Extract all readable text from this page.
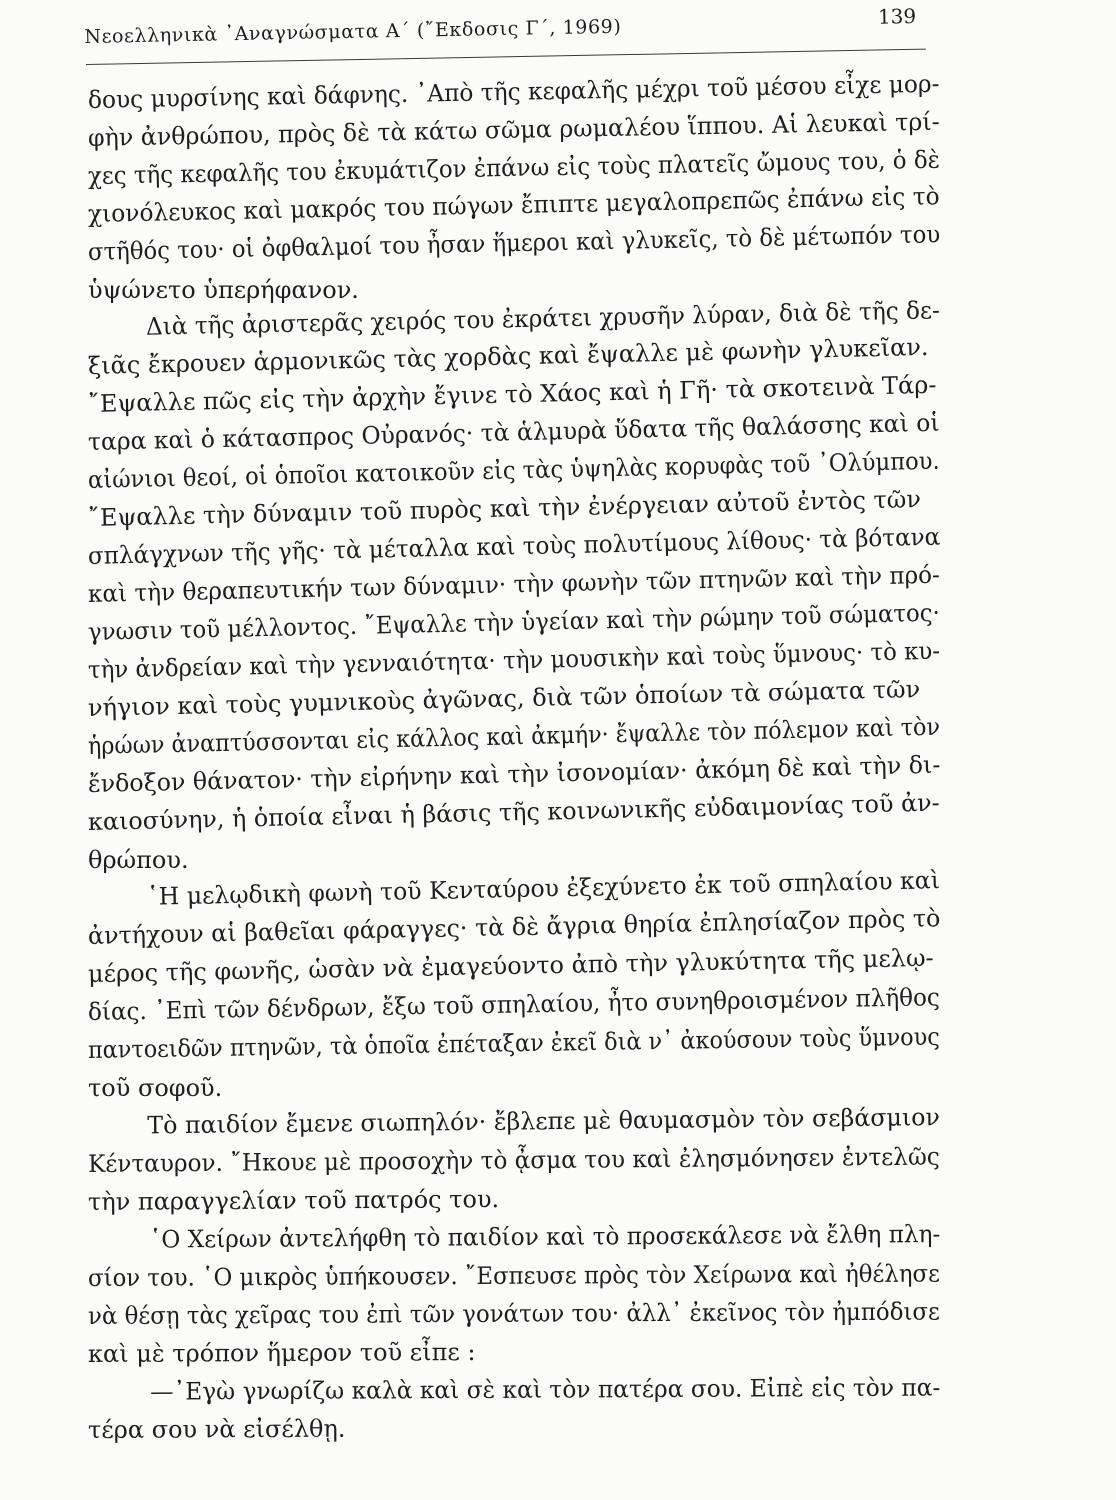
Νεοελληνικὰ ᾿Αναγνώσματα Α΄ (῎Εκδοσις Γ΄, 1969)	139
δους μυρσίνης καὶ δάφνης. ᾿Απὸ τῆς κεφαλῆς μέχρι τοῦ μέσου εἶχε μορ-
φὴν ἀνθρώπου, πρὸς δὲ τὰ κάτω σῶμα ρωμαλέου ἵππου. Αἱ λευκαὶ τρί-
χες τῆς κεφαλῆς του ἐκυμάτιζον ἐπάνω εἰς τοὺς πλατεῖς ὤμους του, ὁ δὲ
χιονόλευκος καὶ μακρός του πώγων ἔπιπτε μεγαλοπρεπῶς ἐπάνω εἰς τὸ
στῆθός του· οἱ ὀφθαλμοί του ἦσαν ἥμεροι καὶ γλυκεῖς, τὸ δὲ μέτωπόν του
ὑψώνετο ὑπερήφανον.
Διὰ τῆς ἀριστερᾶς χειρός του ἐκράτει χρυσῆν λύραν, διὰ δὲ τῆς δε-
ξιᾶς ἔκρουεν ἁρμονικῶς τὰς χορδὰς καὶ ἔψαλλε μὲ φωνὴν γλυκεῖαν.
῎Εψαλλε πῶς εἰς τὴν ἀρχὴν ἔγινε τὸ Χάος καὶ ἡ Γῆ· τὰ σκοτεινὰ Τάρ-
ταρα καὶ ὁ κάτασπρος Οὐρανός· τὰ ἁλμυρὰ ὕδατα τῆς θαλάσσης καὶ οἱ
αἰώνιοι θεοί, οἱ ὁποῖοι κατοικοῦν εἰς τὰς ὑψηλὰς κορυφὰς τοῦ ᾿Ολύμπου.
῎Εψαλλε τὴν δύναμιν τοῦ πυρὸς καὶ τὴν ἐνέργειαν αὐτοῦ ἐντὸς τῶν
σπλάγχνων τῆς γῆς· τὰ μέταλλα καὶ τοὺς πολυτίμους λίθους· τὰ βότανα
καὶ τὴν θεραπευτικήν των δύναμιν· τὴν φωνὴν τῶν πτηνῶν καὶ τὴν πρό-
γνωσιν τοῦ μέλλοντος. ῎Εψαλλε τὴν ὑγείαν καὶ τὴν ρώμην τοῦ σώματος·
τὴν ἀνδρείαν καὶ τὴν γενναιότητα· τὴν μουσικὴν καὶ τοὺς ὕμνους· τὸ κυ-
νήγιον καὶ τοὺς γυμνικοὺς ἀγῶνας, διὰ τῶν ὁποίων τὰ σώματα τῶν
ἡρώων ἀναπτύσσονται εἰς κάλλος καὶ ἀκμήν· ἔψαλλε τὸν πόλεμον καὶ τὸν
ἔνδοξον θάνατον· τὴν εἰρήνην καὶ τὴν ἰσονομίαν· ἀκόμη δὲ καὶ τὴν δι-
καιοσύνην, ἡ ὁποία εἶναι ἡ βάσις τῆς κοινωνικῆς εὐδαιμονίας τοῦ ἀν-
θρώπου.
῾Η μελῳδικὴ φωνὴ τοῦ Κενταύρου ἐξεχύνετο ἐκ τοῦ σπηλαίου καὶ
ἀντήχουν αἱ βαθεῖαι φάραγγες· τὰ δὲ ἄγρια θηρία ἐπλησίαζον πρὸς τὸ
μέρος τῆς φωνῆς, ὡσὰν νὰ ἐμαγεύοντο ἀπὸ τὴν γλυκύτητα τῆς μελῳ-
δίας. ᾿Επὶ τῶν δένδρων, ἔξω τοῦ σπηλαίου, ἦτο συνηθροισμένον πλῆθος
παντοειδῶν πτηνῶν, τὰ ὁποῖα ἐπέταξαν ἐκεῖ διὰ ν᾿ ἀκούσουν τοὺς ὕμνους
τοῦ σοφοῦ.
Τὸ παιδίον ἔμενε σιωπηλόν· ἔβλεπε μὲ θαυμασμὸν τὸν σεβάσμιον
Κένταυρον. ῎Ηκουε μὲ προσοχὴν τὸ ᾆσμα του καὶ ἐλησμόνησεν ἐντελῶς
τὴν παραγγελίαν τοῦ πατρός του.
῾Ο Χείρων ἀντελήφθη τὸ παιδίον καὶ τὸ προσεκάλεσε νὰ ἔλθη πλη-
σίον του. ῾Ο μικρὸς ὑπήκουσεν. ῎Εσπευσε πρὸς τὸν Χείρωνα καὶ ἠθέλησε
νὰ θέσῃ τὰς χεῖρας του ἐπὶ τῶν γονάτων του· ἀλλ᾿ ἐκεῖνος τὸν ἠμπόδισε
καὶ μὲ τρόπον ἥμερον τοῦ εἶπε :
—᾿Εγὼ γνωρίζω καλὰ καὶ σὲ καὶ τὸν πατέρα σου. Εἰπὲ εἰς τὸν πα-
τέρα σου νὰ εἰσέλθῃ.
